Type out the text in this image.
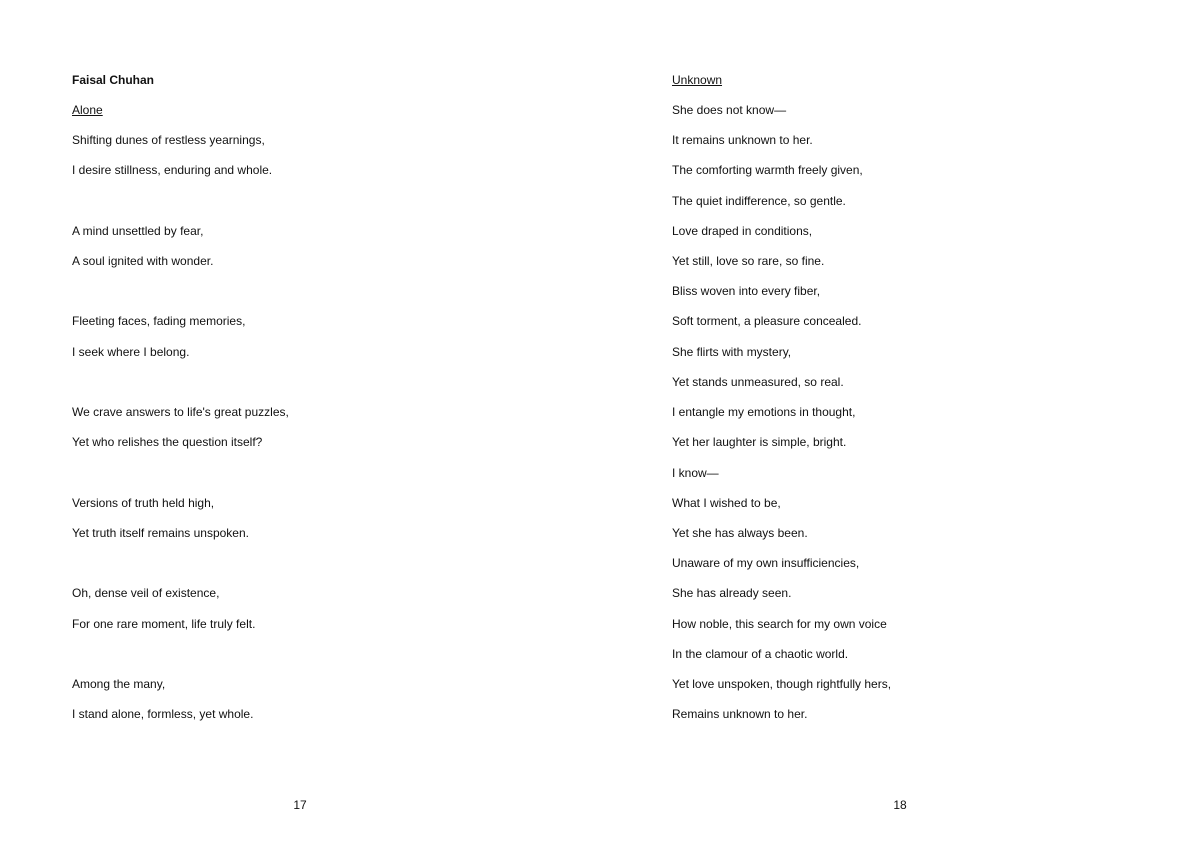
Faisal Chuhan
Alone
Shifting dunes of restless yearnings,
I desire stillness, enduring and whole.
A mind unsettled by fear,
A soul ignited with wonder.
Fleeting faces, fading memories,
I seek where I belong.
We crave answers to life's great puzzles,
Yet who relishes the question itself?
Versions of truth held high,
Yet truth itself remains unspoken.
Oh, dense veil of existence,
For one rare moment, life truly felt.
Among the many,
I stand alone, formless, yet whole.
17
Unknown
She does not know—
It remains unknown to her.
The comforting warmth freely given,
The quiet indifference, so gentle.
Love draped in conditions,
Yet still, love so rare, so fine.
Bliss woven into every fiber,
Soft torment, a pleasure concealed.
She flirts with mystery,
Yet stands unmeasured, so real.
I entangle my emotions in thought,
Yet her laughter is simple, bright.
I know—
What I wished to be,
Yet she has always been.
Unaware of my own insufficiencies,
She has already seen.
How noble, this search for my own voice
In the clamour of a chaotic world.
Yet love unspoken, though rightfully hers,
Remains unknown to her.
18
